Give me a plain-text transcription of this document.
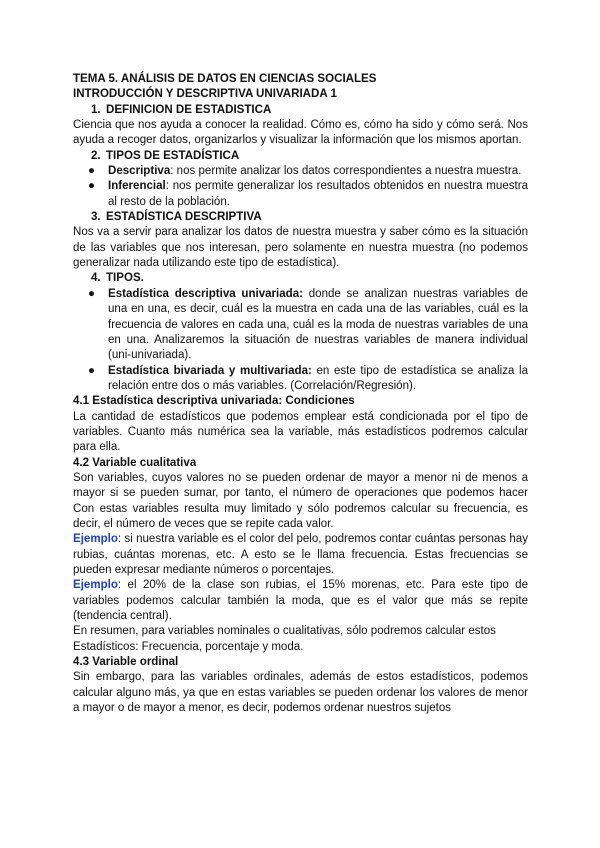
TEMA 5. ANÁLISIS DE DATOS EN CIENCIAS SOCIALES

INTRODUCCIÓN Y DESCRIPTIVA UNIVARIADA 1

1. DEFINICION DE ESTADISTICA

Ciencia que nos ayuda a conocer la realidad. Cómo es, cómo ha sido y cómo será. Nos ayuda a recoger datos, organizarlos y visualizar la información que los mismos aportan.

2. TIPOS DE ESTADÍSTICA
●	Descriptiva: nos permite analizar los datos correspondientes a nuestra muestra.
●	Inferencial: nos permite generalizar los resultados obtenidos en nuestra muestra al resto de la población.
3. ESTADÍSTICA DESCRIPTIVA

Nos va a servir para analizar los datos de nuestra muestra y saber cómo es la situación de las variables que nos interesan, pero solamente en nuestra muestra (no podemos generalizar nada utilizando este tipo de estadística).

4. TIPOS.
●	Estadística descriptiva univariada: donde se analizan nuestras variables de una en una, es decir, cuál es la muestra en cada una de las variables, cuál es la frecuencia de valores en cada una, cuál es la moda de nuestras variables de una en una. Analizaremos la situación de nuestras variables de manera individual (uni-univariada).
●	Estadística bivariada y multivariada: en este tipo de estadística se analiza la relación entre dos o más variables. (Correlación/Regresión).

4.1 Estadística descriptiva univariada: Condiciones

La cantidad de estadísticos que podemos emplear está condicionada por el tipo de variables. Cuanto más numérica sea la variable, más estadísticos podremos calcular para ella.

4.2 Variable cualitativa

Son variables, cuyos valores no se pueden ordenar de mayor a menor ni de menos a mayor si se pueden sumar, por tanto, el número de operaciones que podemos hacer Con estas variables resulta muy limitado y sólo podremos calcular su frecuencia, es decir, el número de veces que se repite cada valor.

Ejemplo: si nuestra variable es el color del pelo, podremos contar cuántas personas hay rubias, cuántas morenas, etc. A esto se le llama frecuencia. Estas frecuencias se pueden expresar mediante números o porcentajes.

Ejemplo: el 20% de la clase son rubias, el 15% morenas, etc. Para este tipo de variables podemos calcular también la moda, que es el valor que más se repite (tendencia central).

En resumen, para variables nominales o cualitativas, sólo podremos calcular estos

Estadísticos: Frecuencia, porcentaje y moda.

4.3 Variable ordinal

Sin embargo, para las variables ordinales, además de estos estadísticos, podemos calcular alguno más, ya que en estas variables se pueden ordenar los valores de menor a mayor o de mayor a menor, es decir, podemos ordenar nuestros sujetos
